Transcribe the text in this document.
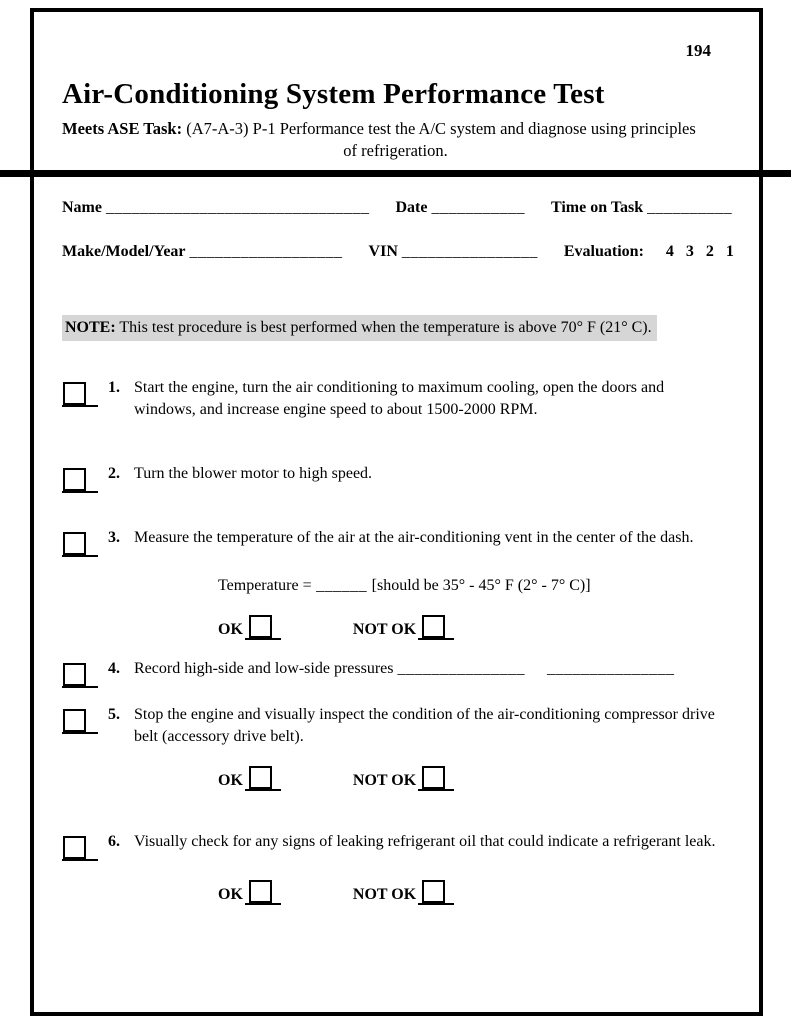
194
Air-Conditioning System Performance Test

Meets ASE Task: (A7-A-3) P-1 Performance test the A/C system and diagnose using principles
of refrigeration.

Name _______________________________ Date ___________ Time on Task __________
Make/Model/Year __________________ VIN ________________ Evaluation: 4   3   2   1
NOTE: This test procedure is best performed when the temperature is above 70° F (21° C).
1. Start the engine, turn the air conditioning to maximum cooling, open the doors and windows, and increase engine speed to about 1500-2000 RPM.
2. Turn the blower motor to high speed.
3. Measure the temperature of the air at the air-conditioning vent in the center of the dash.
Temperature = ______ [should be 35° - 45° F (2° - 7° C)]
OK	NOT OK
4. Record high-side and low-side pressures _______________ _______________
5. Stop the engine and visually inspect the condition of the air-conditioning compressor drive belt (accessory drive belt).
OK	NOT OK
6. Visually check for any signs of leaking refrigerant oil that could indicate a refrigerant leak.
OK	NOT OK
